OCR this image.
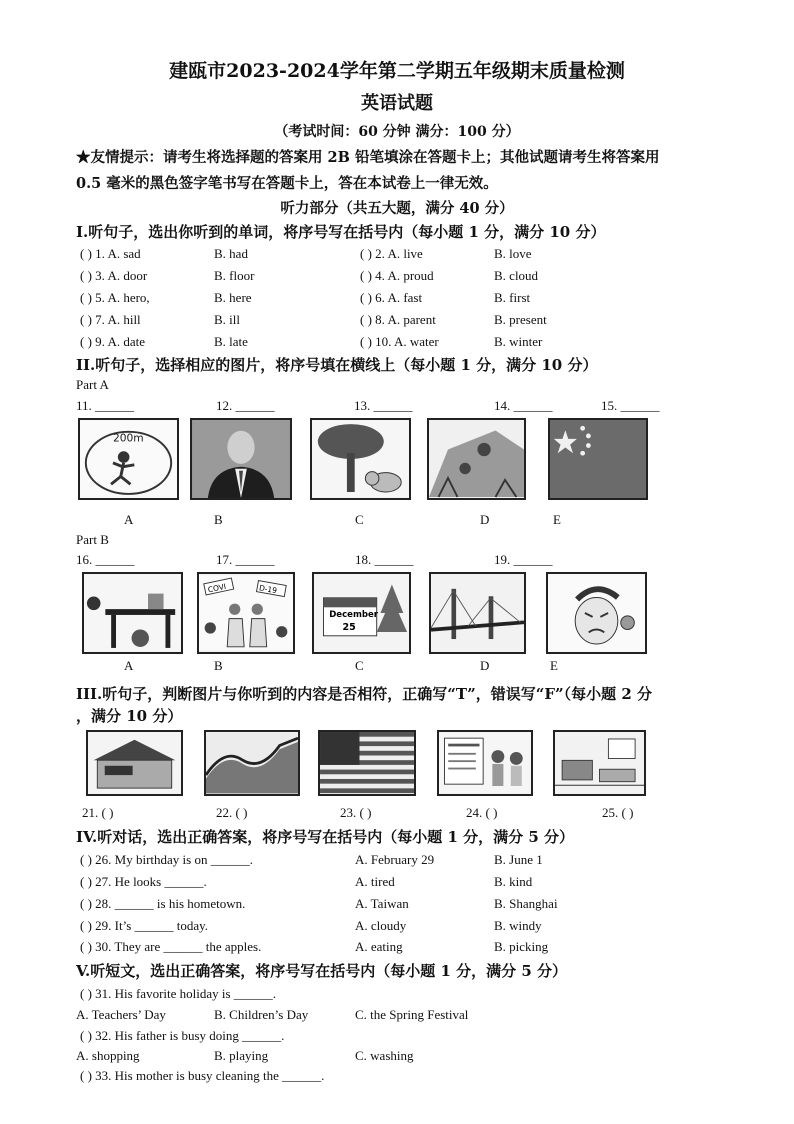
建瓯市2023-2024学年第二学期五年级期末质量检测
英语试题
（考试时间：60 分钟 满分：100 分）
★友情提示：请考生将选择题的答案用 2B 铅笔填涂在答题卡上；其他试题请考生将答案用
0.5 毫米的黑色签字笔书写在答题卡上，答在本试卷上一律无效。
听力部分（共五大题，满分 40 分）
I.听句子，选出你听到的单词，将序号写在括号内（每小题 1 分，满分 10 分）
( ) 1. A. sad	B. had	( ) 2. A. live	B. love
( ) 3. A. door	B. floor	( ) 4. A. proud	B. cloud
( ) 5. A. hero,	B. here	( ) 6. A. fast	B. first
( ) 7. A. hill	B. ill	( ) 8. A. parent	B. present
( ) 9. A. date	B. late	( ) 10. A. water	B. winter
II.听句子，选择相应的图片，将序号填在横线上（每小题 1 分，满分 10 分）
Part A
11. ______	12. ______	13. ______	14. ______	15. ______
A	B	C	D	E
200m
Part B
16. ______	17. ______	18. ______	19. ______
A	B	C	D	E
COVI	D-19
December
25
III.听句子，判断图片与你听到的内容是否相符，正确写“T”，错误写“F”（每小题 2 分
，满分 10 分）
21. ( )	22. ( )	23. ( )	24. ( )	25. ( )
IV.听对话，选出正确答案，将序号写在括号内（每小题 1 分，满分 5 分）
( ) 26. My birthday is on ______.	A. February 29	B. June 1
( ) 27. He looks ______.	A. tired	B. kind
( ) 28. ______ is his hometown.	A. Taiwan	B. Shanghai
( ) 29. It’s ______ today.	A. cloudy	B. windy
( ) 30. They are ______ the apples.	A. eating	B. picking
V.听短文，选出正确答案，将序号写在括号内（每小题 1 分，满分 5 分）
( ) 31. His favorite holiday is ______.
A. Teachers’ Day	B. Children’s Day	C. the Spring Festival
( ) 32. His father is busy doing ______.
A. shopping	B. playing	C. washing
( ) 33. His mother is busy cleaning the ______.
